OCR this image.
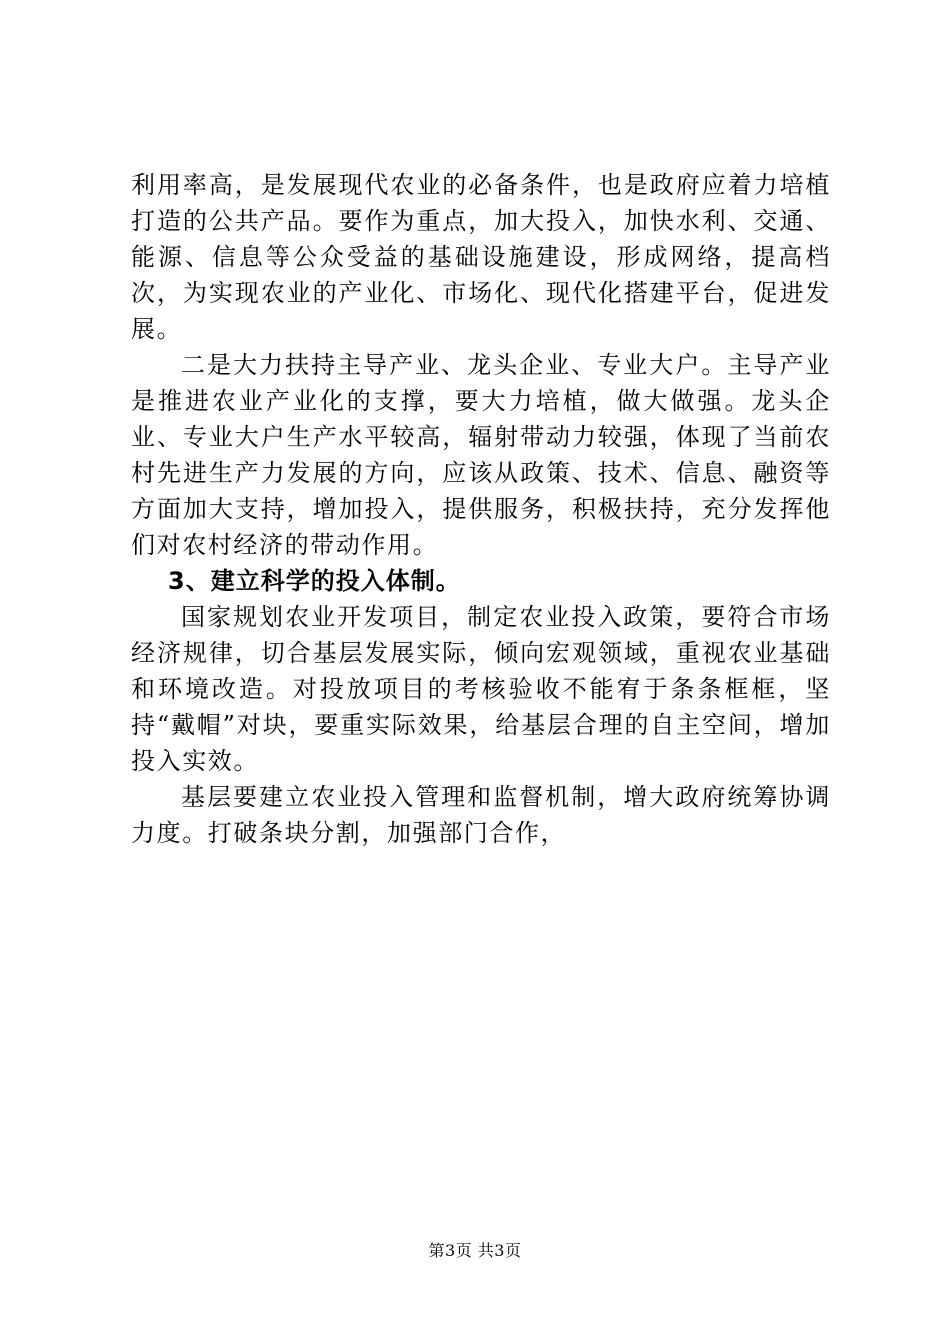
利用率高，是发展现代农业的必备条件，也是政府应着力培植打造的公共产品。要作为重点，加大投入，加快水利、交通、能源、信息等公众受益的基础设施建设，形成网络，提高档次，为实现农业的产业化、市场化、现代化搭建平台，促进发展。

二是大力扶持主导产业、龙头企业、专业大户。主导产业是推进农业产业化的支撑，要大力培植，做大做强。龙头企业、专业大户生产水平较高，辐射带动力较强，体现了当前农村先进生产力发展的方向，应该从政策、技术、信息、融资等方面加大支持，增加投入，提供服务，积极扶持，充分发挥他们对农村经济的带动作用。

3、建立科学的投入体制。

国家规划农业开发项目，制定农业投入政策，要符合市场经济规律，切合基层发展实际，倾向宏观领域，重视农业基础和环境改造。对投放项目的考核验收不能宥于条条框框，坚持“戴帽”对块，要重实际效果，给基层合理的自主空间，增加投入实效。

基层要建立农业投入管理和监督机制，增大政府统筹协调力度。打破条块分割，加强部门合作，

第3页 共3页
